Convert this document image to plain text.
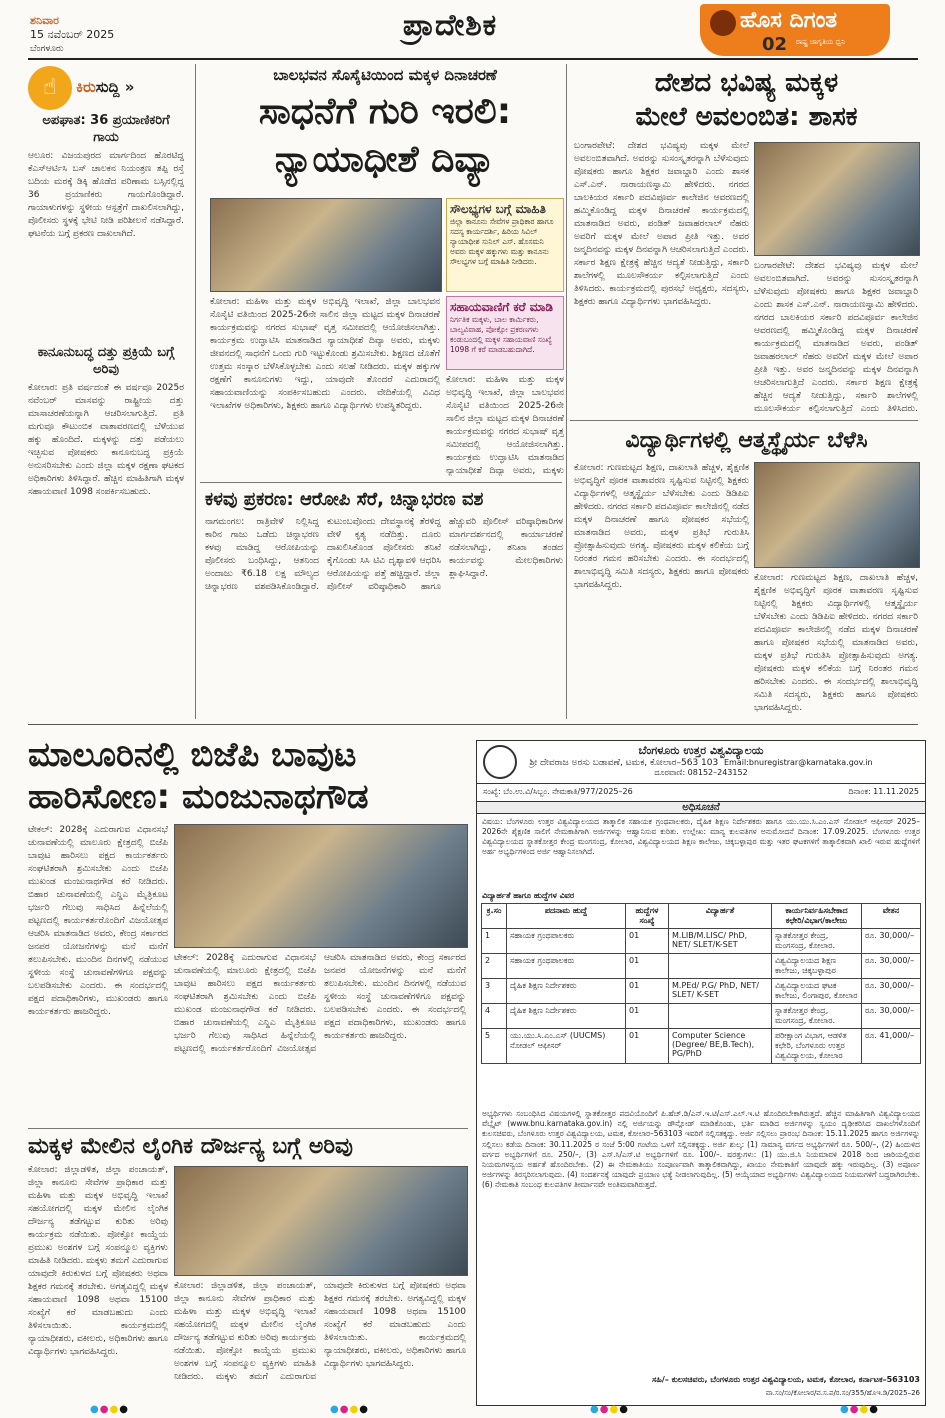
ಶನಿವಾರ
15 ನವೆಂಬರ್ 2025
ಬೆಂಗಳೂರು
ಪ್ರಾದೇಶಿಕ	ಹೊಸ ದಿಗಂತ
02 ರಾಷ್ಟ್ರ ಜಾಗೃತಿಯ ಧ್ವನಿ
☝	ಕಿರುಸುದ್ದಿ »
ಅಪಘಾತ: 36 ಪ್ರಯಾಣಿಕರಿಗೆ ಗಾಯ
ಆಲೂರ: ವಿಜಯಪುರದ ಮಾರ್ಗದಿಂದ ಹೊರಟಿದ್ದ ಕೆಎಸ್ಆರ್ಟಿಸಿ ಬಸ್ ಚಾಲಕನ ನಿಯಂತ್ರಣ ತಪ್ಪಿ ರಸ್ತೆ ಬದಿಯ ಮರಕ್ಕೆ ಡಿಕ್ಕಿ ಹೊಡೆದ ಪರಿಣಾಮ ಬಸ್ಸಿನಲ್ಲಿದ್ದ 36 ಪ್ರಯಾಣಿಕರು ಗಾಯಗೊಂಡಿದ್ದಾರೆ. ಗಾಯಾಳುಗಳನ್ನು ಸ್ಥಳೀಯ ಆಸ್ಪತ್ರೆಗೆ ದಾಖಲಿಸಲಾಗಿದ್ದು, ಪೊಲೀಸರು ಸ್ಥಳಕ್ಕೆ ಭೇಟಿ ನೀಡಿ ಪರಿಶೀಲನೆ ನಡೆಸಿದ್ದಾರೆ. ಘಟನೆಯ ಬಗ್ಗೆ ಪ್ರಕರಣ ದಾಖಲಾಗಿದೆ.
ಕಾನೂನುಬದ್ಧ ದತ್ತು ಪ್ರಕ್ರಿಯೆ ಬಗ್ಗೆ ಅರಿವು
ಕೋಲಾರ: ಪ್ರತಿ ವರ್ಷದಂತೆ ಈ ವರ್ಷವೂ 2025ರ ನವೆಂಬರ್ ಮಾಸವನ್ನು ರಾಷ್ಟ್ರೀಯ ದತ್ತು ಮಾಸಾಚರಣೆಯನ್ನಾಗಿ ಆಚರಿಸಲಾಗುತ್ತಿದೆ. ಪ್ರತಿ ಮಗುವೂ ಕೌಟುಂಬಿಕ ವಾತಾವರಣದಲ್ಲಿ ಬೆಳೆಯುವ ಹಕ್ಕು ಹೊಂದಿದೆ. ಮಕ್ಕಳನ್ನು ದತ್ತು ಪಡೆಯಲು ಇಚ್ಛಿಸುವ ಪೋಷಕರು ಕಾನೂನುಬದ್ಧ ಪ್ರಕ್ರಿಯೆ ಅನುಸರಿಸಬೇಕು ಎಂದು ಜಿಲ್ಲಾ ಮಕ್ಕಳ ರಕ್ಷಣಾ ಘಟಕದ ಅಧಿಕಾರಿಗಳು ತಿಳಿಸಿದ್ದಾರೆ. ಹೆಚ್ಚಿನ ಮಾಹಿತಿಗಾಗಿ ಮಕ್ಕಳ ಸಹಾಯವಾಣಿ 1098 ಸಂಪರ್ಕಿಸಬಹುದು.
ಬಾಲಭವನ ಸೊಸೈಟಿಯಿಂದ ಮಕ್ಕಳ ದಿನಾಚರಣೆ
ಸಾಧನೆಗೆ ಗುರಿ ಇರಲಿ:
ನ್ಯಾಯಾಧೀಶೆ ದಿವ್ಯಾ
ಸೌಲಭ್ಯಗಳ ಬಗ್ಗೆ ಮಾಹಿತಿ
ಜಿಲ್ಲಾ ಕಾನೂನು ಸೇವೆಗಳ ಪ್ರಾಧಿಕಾರ ಹಾಗೂ ಸದಸ್ಯ ಕಾರ್ಯದರ್ಶಿ, ಹಿರಿಯ ಸಿವಿಲ್ ನ್ಯಾಯಾಧೀಶ ಸುನಿಲ್ ಎಸ್. ಹೊಸಮನಿ ಅವರು ಮಕ್ಕಳ ಹಕ್ಕುಗಳು ಮತ್ತು ಕಾನೂನು ಸೌಲಭ್ಯಗಳ ಬಗ್ಗೆ ಮಾಹಿತಿ ನೀಡಿದರು.
ಕೋಲಾರ: ಮಹಿಳಾ ಮತ್ತು ಮಕ್ಕಳ ಅಭಿವೃದ್ಧಿ ಇಲಾಖೆ, ಜಿಲ್ಲಾ ಬಾಲಭವನ ಸೊಸೈಟಿ ವತಿಯಿಂದ 2025-26ನೇ ಸಾಲಿನ ಜಿಲ್ಲಾ ಮಟ್ಟದ ಮಕ್ಕಳ ದಿನಾಚರಣೆ ಕಾರ್ಯಕ್ರಮವನ್ನು ನಗರದ ಸುಭಾಷ್ ವೃತ್ತ ಸಮೀಪದಲ್ಲಿ ಆಯೋಜಿಸಲಾಗಿತ್ತು. ಕಾರ್ಯಕ್ರಮ ಉದ್ಘಾಟಿಸಿ ಮಾತನಾಡಿದ ನ್ಯಾಯಾಧೀಶೆ ದಿವ್ಯಾ ಅವರು, ಮಕ್ಕಳು ಜೀವನದಲ್ಲಿ ಸಾಧನೆಗೆ ಒಂದು ಗುರಿ ಇಟ್ಟುಕೊಂಡು ಶ್ರಮಿಸಬೇಕು. ಶಿಕ್ಷಣದ ಜೊತೆಗೆ ಉತ್ತಮ ಸಂಸ್ಕಾರ ಬೆಳೆಸಿಕೊಳ್ಳಬೇಕು ಎಂದು ಸಲಹೆ ನೀಡಿದರು. ಮಕ್ಕಳ ಹಕ್ಕುಗಳ ರಕ್ಷಣೆಗೆ ಕಾನೂನುಗಳು ಇದ್ದು, ಯಾವುದೇ ತೊಂದರೆ ಎದುರಾದಲ್ಲಿ ಸಹಾಯವಾಣಿಯನ್ನು ಸಂಪರ್ಕಿಸಬಹುದು ಎಂದರು. ವೇದಿಕೆಯಲ್ಲಿ ವಿವಿಧ ಇಲಾಖೆಗಳ ಅಧಿಕಾರಿಗಳು, ಶಿಕ್ಷಕರು ಹಾಗೂ ವಿದ್ಯಾರ್ಥಿಗಳು ಉಪಸ್ಥಿತರಿದ್ದರು.
ಸಹಾಯವಾಣಿಗೆ ಕರೆ ಮಾಡಿ
ನಿರ್ಗತಿಕ ಮಕ್ಕಳು, ಬಾಲ ಕಾರ್ಮಿಕರು, ಬಾಲ್ಯವಿವಾಹ, ಪೋಕ್ಸೋ ಪ್ರಕರಣಗಳು ಕಂಡುಬಂದಲ್ಲಿ ಮಕ್ಕಳ ಸಹಾಯವಾಣಿ ಸಂಖ್ಯೆ 1098 ಗೆ ಕರೆ ಮಾಡಬಹುದಾಗಿದೆ.
ಕೋಲಾರ: ಮಹಿಳಾ ಮತ್ತು ಮಕ್ಕಳ ಅಭಿವೃದ್ಧಿ ಇಲಾಖೆ, ಜಿಲ್ಲಾ ಬಾಲಭವನ ಸೊಸೈಟಿ ವತಿಯಿಂದ 2025-26ನೇ ಸಾಲಿನ ಜಿಲ್ಲಾ ಮಟ್ಟದ ಮಕ್ಕಳ ದಿನಾಚರಣೆ ಕಾರ್ಯಕ್ರಮವನ್ನು ನಗರದ ಸುಭಾಷ್ ವೃತ್ತ ಸಮೀಪದಲ್ಲಿ ಆಯೋಜಿಸಲಾಗಿತ್ತು. ಕಾರ್ಯಕ್ರಮ ಉದ್ಘಾಟಿಸಿ ಮಾತನಾಡಿದ ನ್ಯಾಯಾಧೀಶೆ ದಿವ್ಯಾ ಅವರು, ಮಕ್ಕಳು
ಕಳವು ಪ್ರಕರಣ: ಆರೋಪಿ ಸೆರೆ, ಚಿನ್ನಾಭರಣ ವಶ
ನಾಗಮಂಗಲ: ರಾತ್ರಿವೇಳೆ ನಿಲ್ಲಿಸಿದ್ದ ಕಾರಿನ ಗಾಜು ಒಡೆದು ಚಿನ್ನಾಭರಣ ಕಳವು ಮಾಡಿದ್ದ ಆರೋಪಿಯನ್ನು ಪೊಲೀಸರು ಬಂಧಿಸಿದ್ದು, ಆತನಿಂದ ಅಂದಾಜು ₹6.18 ಲಕ್ಷ ಮೌಲ್ಯದ ಚಿನ್ನಾಭರಣ ವಶಪಡಿಸಿಕೊಂಡಿದ್ದಾರೆ. ಕುಟುಂಬವೊಂದು ದೇವಸ್ಥಾನಕ್ಕೆ ತೆರಳಿದ್ದ ವೇಳೆ ಕೃತ್ಯ ನಡೆದಿತ್ತು. ದೂರು ದಾಖಲಿಸಿಕೊಂಡ ಪೊಲೀಸರು ತನಿಖೆ ಕೈಗೊಂಡು ಸಿಸಿ ಟಿವಿ ದೃಶ್ಯಾವಳಿ ಆಧರಿಸಿ ಆರೋಪಿಯನ್ನು ಪತ್ತೆ ಹಚ್ಚಿದ್ದಾರೆ. ಜಿಲ್ಲಾ ಪೊಲೀಸ್ ವರಿಷ್ಠಾಧಿಕಾರಿ ಹಾಗೂ ಹೆಚ್ಚುವರಿ ಪೊಲೀಸ್ ವರಿಷ್ಠಾಧಿಕಾರಿಗಳ ಮಾರ್ಗದರ್ಶನದಲ್ಲಿ ಕಾರ್ಯಾಚರಣೆ ನಡೆಸಲಾಗಿದ್ದು, ತನಿಖಾ ತಂಡದ ಕಾರ್ಯವನ್ನು ಮೇಲಧಿಕಾರಿಗಳು ಶ್ಲಾಘಿಸಿದ್ದಾರೆ.
ದೇಶದ ಭವಿಷ್ಯ ಮಕ್ಕಳ
ಮೇಲೆ ಅವಲಂಬಿತ: ಶಾಸಕ
ಬಂಗಾರಪೇಟೆ: ದೇಶದ ಭವಿಷ್ಯವು ಮಕ್ಕಳ ಮೇಲೆ ಅವಲಂಬಿತವಾಗಿದೆ. ಅವರನ್ನು ಸುಸಂಸ್ಕೃತರನ್ನಾಗಿ ಬೆಳೆಸುವುದು ಪೋಷಕರು ಹಾಗೂ ಶಿಕ್ಷಕರ ಜವಾಬ್ದಾರಿ ಎಂದು ಶಾಸಕ ಎಸ್.ಎನ್. ನಾರಾಯಣಸ್ವಾಮಿ ಹೇಳಿದರು. ನಗರದ ಬಾಲಕಿಯರ ಸರ್ಕಾರಿ ಪದವಿಪೂರ್ವ ಕಾಲೇಜಿನ ಆವರಣದಲ್ಲಿ ಹಮ್ಮಿಕೊಂಡಿದ್ದ ಮಕ್ಕಳ ದಿನಾಚರಣೆ ಕಾರ್ಯಕ್ರಮದಲ್ಲಿ ಮಾತನಾಡಿದ ಅವರು, ಪಂಡಿತ್ ಜವಾಹರಲಾಲ್ ನೆಹರು ಅವರಿಗೆ ಮಕ್ಕಳ ಮೇಲೆ ಅಪಾರ ಪ್ರೀತಿ ಇತ್ತು. ಅವರ ಜನ್ಮದಿನವನ್ನು ಮಕ್ಕಳ ದಿನವನ್ನಾಗಿ ಆಚರಿಸಲಾಗುತ್ತಿದೆ ಎಂದರು. ಸರ್ಕಾರ ಶಿಕ್ಷಣ ಕ್ಷೇತ್ರಕ್ಕೆ ಹೆಚ್ಚಿನ ಆದ್ಯತೆ ನೀಡುತ್ತಿದ್ದು, ಸರ್ಕಾರಿ ಶಾಲೆಗಳಲ್ಲಿ ಮೂಲಸೌಕರ್ಯ ಕಲ್ಪಿಸಲಾಗುತ್ತಿದೆ ಎಂದು ತಿಳಿಸಿದರು. ಕಾರ್ಯಕ್ರಮದಲ್ಲಿ ಪುರಸಭೆ ಅಧ್ಯಕ್ಷರು, ಸದಸ್ಯರು, ಶಿಕ್ಷಕರು ಹಾಗೂ ವಿದ್ಯಾರ್ಥಿಗಳು ಭಾಗವಹಿಸಿದ್ದರು.
ಬಂಗಾರಪೇಟೆ: ದೇಶದ ಭವಿಷ್ಯವು ಮಕ್ಕಳ ಮೇಲೆ ಅವಲಂಬಿತವಾಗಿದೆ. ಅವರನ್ನು ಸುಸಂಸ್ಕೃತರನ್ನಾಗಿ ಬೆಳೆಸುವುದು ಪೋಷಕರು ಹಾಗೂ ಶಿಕ್ಷಕರ ಜವಾಬ್ದಾರಿ ಎಂದು ಶಾಸಕ ಎಸ್.ಎನ್. ನಾರಾಯಣಸ್ವಾಮಿ ಹೇಳಿದರು. ನಗರದ ಬಾಲಕಿಯರ ಸರ್ಕಾರಿ ಪದವಿಪೂರ್ವ ಕಾಲೇಜಿನ ಆವರಣದಲ್ಲಿ ಹಮ್ಮಿಕೊಂಡಿದ್ದ ಮಕ್ಕಳ ದಿನಾಚರಣೆ ಕಾರ್ಯಕ್ರಮದಲ್ಲಿ ಮಾತನಾಡಿದ ಅವರು, ಪಂಡಿತ್ ಜವಾಹರಲಾಲ್ ನೆಹರು ಅವರಿಗೆ ಮಕ್ಕಳ ಮೇಲೆ ಅಪಾರ ಪ್ರೀತಿ ಇತ್ತು. ಅವರ ಜನ್ಮದಿನವನ್ನು ಮಕ್ಕಳ ದಿನವನ್ನಾಗಿ ಆಚರಿಸಲಾಗುತ್ತಿದೆ ಎಂದರು. ಸರ್ಕಾರ ಶಿಕ್ಷಣ ಕ್ಷೇತ್ರಕ್ಕೆ ಹೆಚ್ಚಿನ ಆದ್ಯತೆ ನೀಡುತ್ತಿದ್ದು, ಸರ್ಕಾರಿ ಶಾಲೆಗಳಲ್ಲಿ ಮೂಲಸೌಕರ್ಯ ಕಲ್ಪಿಸಲಾಗುತ್ತಿದೆ ಎಂದು ತಿಳಿಸಿದರು.
ವಿದ್ಯಾರ್ಥಿಗಳಲ್ಲಿ ಆತ್ಮಸ್ಥೈರ್ಯ ಬೆಳೆಸಿ
ಕೋಲಾರ: ಗುಣಮಟ್ಟದ ಶಿಕ್ಷಣ, ದಾಖಲಾತಿ ಹೆಚ್ಚಳ, ಶೈಕ್ಷಣಿಕ ಅಭಿವೃದ್ಧಿಗೆ ಪೂರಕ ವಾತಾವರಣ ಸೃಷ್ಟಿಸುವ ನಿಟ್ಟಿನಲ್ಲಿ ಶಿಕ್ಷಕರು ವಿದ್ಯಾರ್ಥಿಗಳಲ್ಲಿ ಆತ್ಮಸ್ಥೈರ್ಯ ಬೆಳೆಸಬೇಕು ಎಂದು ಡಿಡಿಪಿಐ ಹೇಳಿದರು. ನಗರದ ಸರ್ಕಾರಿ ಪದವಿಪೂರ್ವ ಕಾಲೇಜಿನಲ್ಲಿ ನಡೆದ ಮಕ್ಕಳ ದಿನಾಚರಣೆ ಹಾಗೂ ಪೋಷಕರ ಸಭೆಯಲ್ಲಿ ಮಾತನಾಡಿದ ಅವರು, ಮಕ್ಕಳ ಪ್ರತಿಭೆ ಗುರುತಿಸಿ ಪ್ರೋತ್ಸಾಹಿಸುವುದು ಅಗತ್ಯ. ಪೋಷಕರು ಮಕ್ಕಳ ಕಲಿಕೆಯ ಬಗ್ಗೆ ನಿರಂತರ ಗಮನ ಹರಿಸಬೇಕು ಎಂದರು. ಈ ಸಂದರ್ಭದಲ್ಲಿ ಶಾಲಾಭಿವೃದ್ಧಿ ಸಮಿತಿ ಸದಸ್ಯರು, ಶಿಕ್ಷಕರು ಹಾಗೂ ಪೋಷಕರು ಭಾಗವಹಿಸಿದ್ದರು.
ಕೋಲಾರ: ಗುಣಮಟ್ಟದ ಶಿಕ್ಷಣ, ದಾಖಲಾತಿ ಹೆಚ್ಚಳ, ಶೈಕ್ಷಣಿಕ ಅಭಿವೃದ್ಧಿಗೆ ಪೂರಕ ವಾತಾವರಣ ಸೃಷ್ಟಿಸುವ ನಿಟ್ಟಿನಲ್ಲಿ ಶಿಕ್ಷಕರು ವಿದ್ಯಾರ್ಥಿಗಳಲ್ಲಿ ಆತ್ಮಸ್ಥೈರ್ಯ ಬೆಳೆಸಬೇಕು ಎಂದು ಡಿಡಿಪಿಐ ಹೇಳಿದರು. ನಗರದ ಸರ್ಕಾರಿ ಪದವಿಪೂರ್ವ ಕಾಲೇಜಿನಲ್ಲಿ ನಡೆದ ಮಕ್ಕಳ ದಿನಾಚರಣೆ ಹಾಗೂ ಪೋಷಕರ ಸಭೆಯಲ್ಲಿ ಮಾತನಾಡಿದ ಅವರು, ಮಕ್ಕಳ ಪ್ರತಿಭೆ ಗುರುತಿಸಿ ಪ್ರೋತ್ಸಾಹಿಸುವುದು ಅಗತ್ಯ. ಪೋಷಕರು ಮಕ್ಕಳ ಕಲಿಕೆಯ ಬಗ್ಗೆ ನಿರಂತರ ಗಮನ ಹರಿಸಬೇಕು ಎಂದರು. ಈ ಸಂದರ್ಭದಲ್ಲಿ ಶಾಲಾಭಿವೃದ್ಧಿ ಸಮಿತಿ ಸದಸ್ಯರು, ಶಿಕ್ಷಕರು ಹಾಗೂ ಪೋಷಕರು ಭಾಗವಹಿಸಿದ್ದರು.
ಮಾಲೂರಿನಲ್ಲಿ ಬಿಜೆಪಿ ಬಾವುಟ
ಹಾರಿಸೋಣ: ಮಂಜುನಾಥಗೌಡ
ಟೇಕಲ್: 2028ಕ್ಕೆ ಎದುರಾಗುವ ವಿಧಾನಸಭೆ ಚುನಾವಣೆಯಲ್ಲಿ ಮಾಲೂರು ಕ್ಷೇತ್ರದಲ್ಲಿ ಬಿಜೆಪಿ ಬಾವುಟ ಹಾರಿಸಲು ಪಕ್ಷದ ಕಾರ್ಯಕರ್ತರು ಸಂಘಟಿತರಾಗಿ ಶ್ರಮಿಸಬೇಕು ಎಂದು ಬಿಜೆಪಿ ಮುಖಂಡ ಮಂಜುನಾಥಗೌಡ ಕರೆ ನೀಡಿದರು. ಬಿಹಾರ ಚುನಾವಣೆಯಲ್ಲಿ ಎನ್ಡಿಎ ಮೈತ್ರಿಕೂಟ ಭರ್ಜರಿ ಗೆಲುವು ಸಾಧಿಸಿದ ಹಿನ್ನೆಲೆಯಲ್ಲಿ ಪಟ್ಟಣದಲ್ಲಿ ಕಾರ್ಯಕರ್ತರೊಂದಿಗೆ ವಿಜಯೋತ್ಸವ ಆಚರಿಸಿ ಮಾತನಾಡಿದ ಅವರು, ಕೇಂದ್ರ ಸರ್ಕಾರದ ಜನಪರ ಯೋಜನೆಗಳನ್ನು ಮನೆ ಮನೆಗೆ ತಲುಪಿಸಬೇಕು. ಮುಂದಿನ ದಿನಗಳಲ್ಲಿ ನಡೆಯುವ ಸ್ಥಳೀಯ ಸಂಸ್ಥೆ ಚುನಾವಣೆಗಳಿಗೂ ಪಕ್ಷವನ್ನು ಬಲಪಡಿಸಬೇಕು ಎಂದರು. ಈ ಸಂದರ್ಭದಲ್ಲಿ ಪಕ್ಷದ ಪದಾಧಿಕಾರಿಗಳು, ಮುಖಂಡರು ಹಾಗೂ ಕಾರ್ಯಕರ್ತರು ಹಾಜರಿದ್ದರು.
ಟೇಕಲ್: 2028ಕ್ಕೆ ಎದುರಾಗುವ ವಿಧಾನಸಭೆ ಚುನಾವಣೆಯಲ್ಲಿ ಮಾಲೂರು ಕ್ಷೇತ್ರದಲ್ಲಿ ಬಿಜೆಪಿ ಬಾವುಟ ಹಾರಿಸಲು ಪಕ್ಷದ ಕಾರ್ಯಕರ್ತರು ಸಂಘಟಿತರಾಗಿ ಶ್ರಮಿಸಬೇಕು ಎಂದು ಬಿಜೆಪಿ ಮುಖಂಡ ಮಂಜುನಾಥಗೌಡ ಕರೆ ನೀಡಿದರು. ಬಿಹಾರ ಚುನಾವಣೆಯಲ್ಲಿ ಎನ್ಡಿಎ ಮೈತ್ರಿಕೂಟ ಭರ್ಜರಿ ಗೆಲುವು ಸಾಧಿಸಿದ ಹಿನ್ನೆಲೆಯಲ್ಲಿ ಪಟ್ಟಣದಲ್ಲಿ ಕಾರ್ಯಕರ್ತರೊಂದಿಗೆ ವಿಜಯೋತ್ಸವ ಆಚರಿಸಿ ಮಾತನಾಡಿದ ಅವರು, ಕೇಂದ್ರ ಸರ್ಕಾರದ ಜನಪರ ಯೋಜನೆಗಳನ್ನು ಮನೆ ಮನೆಗೆ ತಲುಪಿಸಬೇಕು. ಮುಂದಿನ ದಿನಗಳಲ್ಲಿ ನಡೆಯುವ ಸ್ಥಳೀಯ ಸಂಸ್ಥೆ ಚುನಾವಣೆಗಳಿಗೂ ಪಕ್ಷವನ್ನು ಬಲಪಡಿಸಬೇಕು ಎಂದರು. ಈ ಸಂದರ್ಭದಲ್ಲಿ ಪಕ್ಷದ ಪದಾಧಿಕಾರಿಗಳು, ಮುಖಂಡರು ಹಾಗೂ ಕಾರ್ಯಕರ್ತರು ಹಾಜರಿದ್ದರು.
ಮಕ್ಕಳ ಮೇಲಿನ ಲೈಂಗಿಕ ದೌರ್ಜನ್ಯ ಬಗ್ಗೆ ಅರಿವು
ಕೋಲಾರ: ಜಿಲ್ಲಾಡಳಿತ, ಜಿಲ್ಲಾ ಪಂಚಾಯತ್, ಜಿಲ್ಲಾ ಕಾನೂನು ಸೇವೆಗಳ ಪ್ರಾಧಿಕಾರ ಮತ್ತು ಮಹಿಳಾ ಮತ್ತು ಮಕ್ಕಳ ಅಭಿವೃದ್ಧಿ ಇಲಾಖೆ ಸಹಯೋಗದಲ್ಲಿ ಮಕ್ಕಳ ಮೇಲಿನ ಲೈಂಗಿಕ ದೌರ್ಜನ್ಯ ತಡೆಗಟ್ಟುವ ಕುರಿತು ಅರಿವು ಕಾರ್ಯಕ್ರಮ ನಡೆಯಿತು. ಪೋಕ್ಸೋ ಕಾಯ್ದೆಯ ಪ್ರಮುಖ ಅಂಶಗಳ ಬಗ್ಗೆ ಸಂಪನ್ಮೂಲ ವ್ಯಕ್ತಿಗಳು ಮಾಹಿತಿ ನೀಡಿದರು. ಮಕ್ಕಳು ತಮಗೆ ಎದುರಾಗುವ ಯಾವುದೇ ಕಿರುಕುಳದ ಬಗ್ಗೆ ಪೋಷಕರು ಅಥವಾ ಶಿಕ್ಷಕರ ಗಮನಕ್ಕೆ ತರಬೇಕು. ಅಗತ್ಯವಿದ್ದಲ್ಲಿ ಮಕ್ಕಳ ಸಹಾಯವಾಣಿ 1098 ಅಥವಾ 15100 ಸಂಖ್ಯೆಗೆ ಕರೆ ಮಾಡಬಹುದು ಎಂದು ತಿಳಿಸಲಾಯಿತು. ಕಾರ್ಯಕ್ರಮದಲ್ಲಿ ನ್ಯಾಯಾಧೀಶರು, ವಕೀಲರು, ಅಧಿಕಾರಿಗಳು ಹಾಗೂ ವಿದ್ಯಾರ್ಥಿಗಳು ಭಾಗವಹಿಸಿದ್ದರು.
ಕೋಲಾರ: ಜಿಲ್ಲಾಡಳಿತ, ಜಿಲ್ಲಾ ಪಂಚಾಯತ್, ಜಿಲ್ಲಾ ಕಾನೂನು ಸೇವೆಗಳ ಪ್ರಾಧಿಕಾರ ಮತ್ತು ಮಹಿಳಾ ಮತ್ತು ಮಕ್ಕಳ ಅಭಿವೃದ್ಧಿ ಇಲಾಖೆ ಸಹಯೋಗದಲ್ಲಿ ಮಕ್ಕಳ ಮೇಲಿನ ಲೈಂಗಿಕ ದೌರ್ಜನ್ಯ ತಡೆಗಟ್ಟುವ ಕುರಿತು ಅರಿವು ಕಾರ್ಯಕ್ರಮ ನಡೆಯಿತು. ಪೋಕ್ಸೋ ಕಾಯ್ದೆಯ ಪ್ರಮುಖ ಅಂಶಗಳ ಬಗ್ಗೆ ಸಂಪನ್ಮೂಲ ವ್ಯಕ್ತಿಗಳು ಮಾಹಿತಿ ನೀಡಿದರು. ಮಕ್ಕಳು ತಮಗೆ ಎದುರಾಗುವ ಯಾವುದೇ ಕಿರುಕುಳದ ಬಗ್ಗೆ ಪೋಷಕರು ಅಥವಾ ಶಿಕ್ಷಕರ ಗಮನಕ್ಕೆ ತರಬೇಕು. ಅಗತ್ಯವಿದ್ದಲ್ಲಿ ಮಕ್ಕಳ ಸಹಾಯವಾಣಿ 1098 ಅಥವಾ 15100 ಸಂಖ್ಯೆಗೆ ಕರೆ ಮಾಡಬಹುದು ಎಂದು ತಿಳಿಸಲಾಯಿತು. ಕಾರ್ಯಕ್ರಮದಲ್ಲಿ ನ್ಯಾಯಾಧೀಶರು, ವಕೀಲರು, ಅಧಿಕಾರಿಗಳು ಹಾಗೂ ವಿದ್ಯಾರ್ಥಿಗಳು ಭಾಗವಹಿಸಿದ್ದರು.
ಬೆಂಗಳೂರು ಉತ್ತರ ವಿಶ್ವವಿದ್ಯಾಲಯ
ಶ್ರೀ ದೇವರಾಜ ಅರಸು ಬಡಾವಣೆ, ಟಮಕ, ಕೋಲಾರ–563 103 Email:bnuregistrar@karnataka.gov.in
ದೂರವಾಣಿ: 08152–243152
ಸಂಖ್ಯೆ: ಬೆಂ.ಉ.ವಿ/ಸಿಬ್ಬಂ. ನೇಮಕಾತಿ/977/2025–26	ದಿನಾಂಕ: 11.11.2025
ಅಧಿಸೂಚನೆ
ವಿಷಯ: ಬೆಂಗಳೂರು ಉತ್ತರ ವಿಶ್ವವಿದ್ಯಾಲಯದ ತಾತ್ಕಾಲಿಕ ಸಹಾಯಕ ಗ್ರಂಥಪಾಲಕರು, ದೈಹಿಕ ಶಿಕ್ಷಣ ನಿರ್ದೇಶಕರು ಹಾಗೂ ಯು.ಯು.ಸಿ.ಎಂ.ಎಸ್ ನೋಡಲ್ ಆಫೀಸರ್ 2025–2026ನೇ ಶೈಕ್ಷಣಿಕ ಸಾಲಿಗೆ ನೇಮಕಾತಿಗಾಗಿ ಅರ್ಜಿಗಳನ್ನು ಆಹ್ವಾನಿಸುವ ಕುರಿತು. ಉಲ್ಲೇಖ: ಮಾನ್ಯ ಕುಲಪತಿಗಳ ಅನುಮೋದನೆ ದಿನಾಂಕ: 17.09.2025. ಬೆಂಗಳೂರು ಉತ್ತರ ವಿಶ್ವವಿದ್ಯಾಲಯದ ಸ್ನಾತಕೋತ್ತರ ಕೇಂದ್ರ ಮಂಗಸಂದ್ರ, ಕೋಲಾರ, ವಿಶ್ವವಿದ್ಯಾಲಯದ ಶಿಕ್ಷಣ ಕಾಲೇಜು, ಚಿಕ್ಕಬಳ್ಳಾಪುರ ಮತ್ತು ಇತರ ಘಟಕಗಳಿಗೆ ತಾತ್ಕಾಲಿಕವಾಗಿ ಖಾಲಿ ಇರುವ ಹುದ್ದೆಗಳಿಗೆ ಅರ್ಹ ಅಭ್ಯರ್ಥಿಗಳಿಂದ ಅರ್ಜಿ ಆಹ್ವಾನಿಸಲಾಗಿದೆ.
ವಿದ್ಯಾರ್ಹತೆ ಹಾಗೂ ಹುದ್ದೆಗಳ ವಿವರ
ಕ್ರ.ಸಂ	ಪದನಾಮ ಹುದ್ದೆ	ಹುದ್ದೆಗಳ ಸಂಖ್ಯೆ	ವಿದ್ಯಾರ್ಹತೆ	ಕಾರ್ಯನಿರ್ವಹಿಸಬೇಕಾದ ಕಛೇರಿ/ವಿಭಾಗ/ಕಾಲೇಜು	ವೇತನ
1	ಸಹಾಯಕ ಗ್ರಂಥಪಾಲಕರು	01	M.LIB/M.LISC/ PhD, NET/ SLET/K-SET	ಸ್ನಾತಕೋತ್ತರ ಕೇಂದ್ರ, ಮಂಗಸಂದ್ರ, ಕೋಲಾರ.	ರೂ. 30,000/–
2	ಸಹಾಯಕ ಗ್ರಂಥಪಾಲಕರು	01		ವಿಶ್ವವಿದ್ಯಾಲಯದ ಶಿಕ್ಷಣ ಕಾಲೇಜು, ಚಿಕ್ಕಬಳ್ಳಾಪುರ	ರೂ. 30,000/–
3	ದೈಹಿಕ ಶಿಕ್ಷಣ ನಿರ್ದೇಶಕರು	01	M.PEd/ P.G/ PhD, NET/ SLET/ K-SET	ವಿಶ್ವವಿದ್ಯಾಲಯದ ಘಟಕ ಕಾಲೇಜು, ಲಿಂಗಾಪುರ, ಕೋಲಾರ	ರೂ. 30,000/–
4	ದೈಹಿಕ ಶಿಕ್ಷಣ ನಿರ್ದೇಶಕರು	01		ಸ್ನಾತಕೋತ್ತರ ಕೇಂದ್ರ, ಮಂಗಸಂದ್ರ, ಕೋಲಾರ.	ರೂ. 30,000/–
5	ಯು.ಯು.ಸಿ.ಎಂ.ಎಸ್ (UUCMS) ನೋಡಲ್ ಆಫೀಸರ್	01	Computer Science (Degree/ BE,B.Tech), PG/PhD	ಪರೀಕ್ಷಾಂಗ ವಿಭಾಗ, ಆಡಳಿತ ಕಛೇರಿ, ಬೆಂಗಳೂರು ಉತ್ತರ ವಿಶ್ವವಿದ್ಯಾಲಯ, ಕೋಲಾರ	ರೂ. 41,000/–
ಅಭ್ಯರ್ಥಿಗಳು ಸಂಬಂಧಿಸಿದ ವಿಷಯಗಳಲ್ಲಿ ಸ್ನಾತಕೋತ್ತರ ಪದವಿಯೊಂದಿಗೆ ಪಿ.ಹೆಚ್.ಡಿ/ಎನ್.ಇ.ಟಿ/ಎಸ್.ಎಲ್.ಇ.ಟಿ ಹೊಂದಿರಬೇಕಾಗಿರುತ್ತದೆ. ಹೆಚ್ಚಿನ ಮಾಹಿತಿಗಾಗಿ ವಿಶ್ವವಿದ್ಯಾಲಯದ ವೆಬ್ಸೈಟ್ (www.bnu.karnataka.gov.in) ನಲ್ಲಿ ಅರ್ಜಿಯನ್ನು ಡೌನ್ಲೋಡ್ ಮಾಡಿಕೊಂಡು, ಭರ್ತಿ ಮಾಡಿದ ಅರ್ಜಿಗಳನ್ನು ಸ್ವಯಂ ದೃಢೀಕರಿಸಿದ ದಾಖಲೆಗಳೊಂದಿಗೆ ಕುಲಸಚಿವರು, ಬೆಂಗಳೂರು ಉತ್ತರ ವಿಶ್ವವಿದ್ಯಾಲಯ, ಟಮಕ, ಕೋಲಾರ–563103 ಇವರಿಗೆ ಸಲ್ಲಿಸತಕ್ಕದ್ದು. ಅರ್ಜಿ ಸಲ್ಲಿಸಲು ಪ್ರಾರಂಭ ದಿನಾಂಕ: 15.11.2025 ಹಾಗೂ ಅರ್ಜಿಗಳನ್ನು ಸಲ್ಲಿಸಲು ಕಡೆಯ ದಿನಾಂಕ: 30.11.2025 ರ ಸಂಜೆ 5:00 ಗಂಟೆಯ ಒಳಗೆ ಸಲ್ಲಿಸತಕ್ಕದ್ದು. ಅರ್ಜಿ ಶುಲ್ಕ: (1) ಸಾಮಾನ್ಯ ವರ್ಗದ ಅಭ್ಯರ್ಥಿಗಳಿಗೆ ರೂ. 500/–, (2) ಹಿಂದುಳಿದ ವರ್ಗದ ಅಭ್ಯರ್ಥಿಗಳಿಗೆ ರೂ. 250/–, (3) ಎಸ್.ಸಿ/ಎಸ್.ಟಿ ಅಭ್ಯರ್ಥಿಗಳಿಗೆ ರೂ. 100/–. ಷರತ್ತುಗಳು: (1) ಯು.ಜಿ.ಸಿ ನಿಯಮಾವಳಿ 2018 ರಿಂದ ಜಾರಿಯಲ್ಲಿರುವ ನಿಯಮಗಳನ್ವಯ ಅರ್ಹತೆ ಹೊಂದಿರಬೇಕು. (2) ಈ ನೇಮಕಾತಿಯು ಸಂಪೂರ್ಣವಾಗಿ ತಾತ್ಕಾಲಿಕವಾಗಿದ್ದು, ಖಾಯಂ ನೇಮಕಾತಿಗೆ ಯಾವುದೇ ಹಕ್ಕು ಇರುವುದಿಲ್ಲ. (3) ಅಪೂರ್ಣ ಅರ್ಜಿಗಳನ್ನು ತಿರಸ್ಕರಿಸಲಾಗುವುದು. (4) ಸಂದರ್ಶನಕ್ಕೆ ಯಾವುದೇ ಪ್ರಯಾಣ ಭತ್ಯೆ ನೀಡಲಾಗುವುದಿಲ್ಲ. (5) ಆಯ್ಕೆಯಾದ ಅಭ್ಯರ್ಥಿಗಳು ವಿಶ್ವವಿದ್ಯಾಲಯದ ನಿಯಮಗಳಿಗೆ ಬದ್ಧರಾಗಿರಬೇಕು. (6) ನೇಮಕಾತಿ ಸಂಬಂಧ ಕುಲಪತಿಗಳ ತೀರ್ಮಾನವೇ ಅಂತಿಮವಾಗಿರುತ್ತದೆ.
ಸಹಿ/– ಕುಲಸಚಿವರು, ಬೆಂಗಳೂರು ಉತ್ತರ ವಿಶ್ವವಿದ್ಯಾಲಯ, ಟಮಕ, ಕೋಲಾರ, ಕರ್ನಾಟಕ–563103
ವಾ.ಸಂ/ಸಂ/ಕೋಲಾರ/ವ.ಸ.ಪ/ರ.ಸಂ/355/ಹೊಇ.ಡಿ/2025–26
●●●●	●●●●	●●●●	●●●●
